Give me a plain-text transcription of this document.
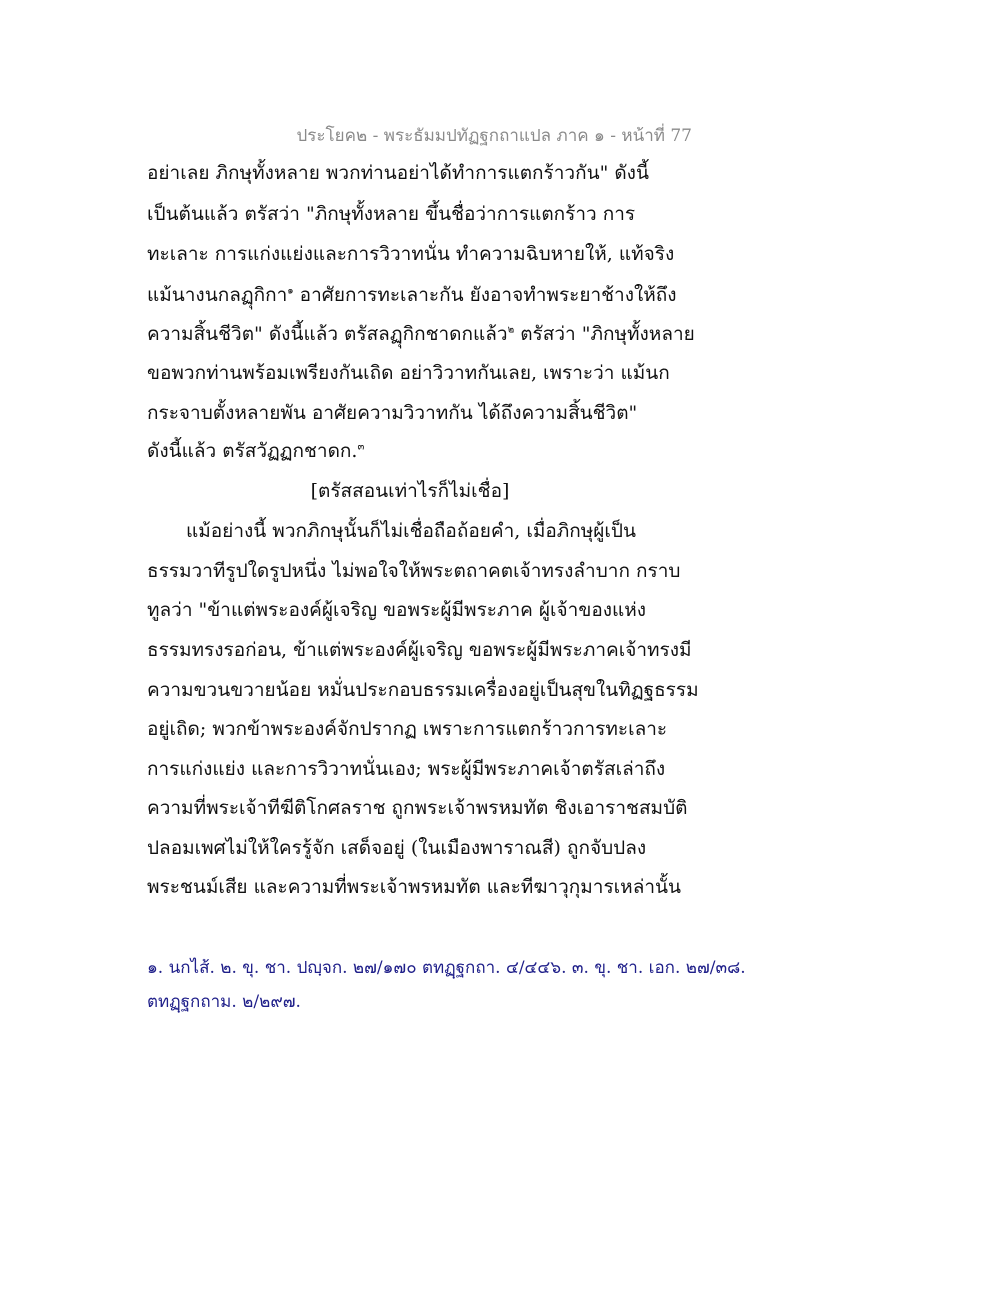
ประโยค๒ - พระธัมมปทัฏฐกถาแปล ภาค ๑ - หน้าที่ 77
อย่าเลย ภิกษุทั้งหลาย พวกท่านอย่าได้ทำการแตกร้าวกัน" ดังนี้
เป็นต้นแล้ว ตรัสว่า "ภิกษุทั้งหลาย ขึ้นชื่อว่าการแตกร้าว การ
ทะเลาะ การแก่งแย่งและการวิวาทนั่น ทำความฉิบหายให้, แท้จริง
แม้นางนกลฏุกิกา$^๑$ อาศัยการทะเลาะกัน ยังอาจทำพระยาช้างให้ถึง
ความสิ้นชีวิต" ดังนี้แล้ว ตรัสลฏุกิกชาดกแล้ว$^๒$ ตรัสว่า "ภิกษุทั้งหลาย
ขอพวกท่านพร้อมเพรียงกันเถิด อย่าวิวาทกันเลย, เพราะว่า แม้นก
กระจาบตั้งหลายพัน อาศัยความวิวาทกัน ได้ถึงความสิ้นชีวิต"
ดังนี้แล้ว ตรัสวัฏฏกชาดก.$^๓$
[ตรัสสอนเท่าไรก็ไม่เชื่อ]
แม้อย่างนี้ พวกภิกษุนั้นก็ไม่เชื่อถือถ้อยคำ, เมื่อภิกษุผู้เป็น
ธรรมวาทีรูปใดรูปหนึ่ง ไม่พอใจให้พระตถาคตเจ้าทรงลำบาก กราบ
ทูลว่า "ข้าแต่พระองค์ผู้เจริญ ขอพระผู้มีพระภาค ผู้เจ้าของแห่ง
ธรรมทรงรอก่อน, ข้าแต่พระองค์ผู้เจริญ ขอพระผู้มีพระภาคเจ้าทรงมี
ความขวนขวายน้อย หมั่นประกอบธรรมเครื่องอยู่เป็นสุขในทิฏฐธรรม
อยู่เถิด; พวกข้าพระองค์จักปรากฏ เพราะการแตกร้าวการทะเลาะ
การแก่งแย่ง และการวิวาทนั่นเอง; พระผู้มีพระภาคเจ้าตรัสเล่าถึง
ความที่พระเจ้าทีฆีติโกศลราช ถูกพระเจ้าพรหมทัต ชิงเอาราชสมบัติ
ปลอมเพศไม่ให้ใครรู้จัก เสด็จอยู่ (ในเมืองพาราณสี) ถูกจับปลง
พระชนม์เสีย และความที่พระเจ้าพรหมทัต และทีฆาวุกุมารเหล่านั้น
๑. นกไส้. ๒. ขุ. ชา. ปญฺจก. ๒๗/๑๗๐ ตทฏฺฐกถา. ๔/๔๔๖. ๓. ขุ. ชา. เอก. ๒๗/๓๘.
ตทฏฺฐกถาม. ๒/๒๙๗.
